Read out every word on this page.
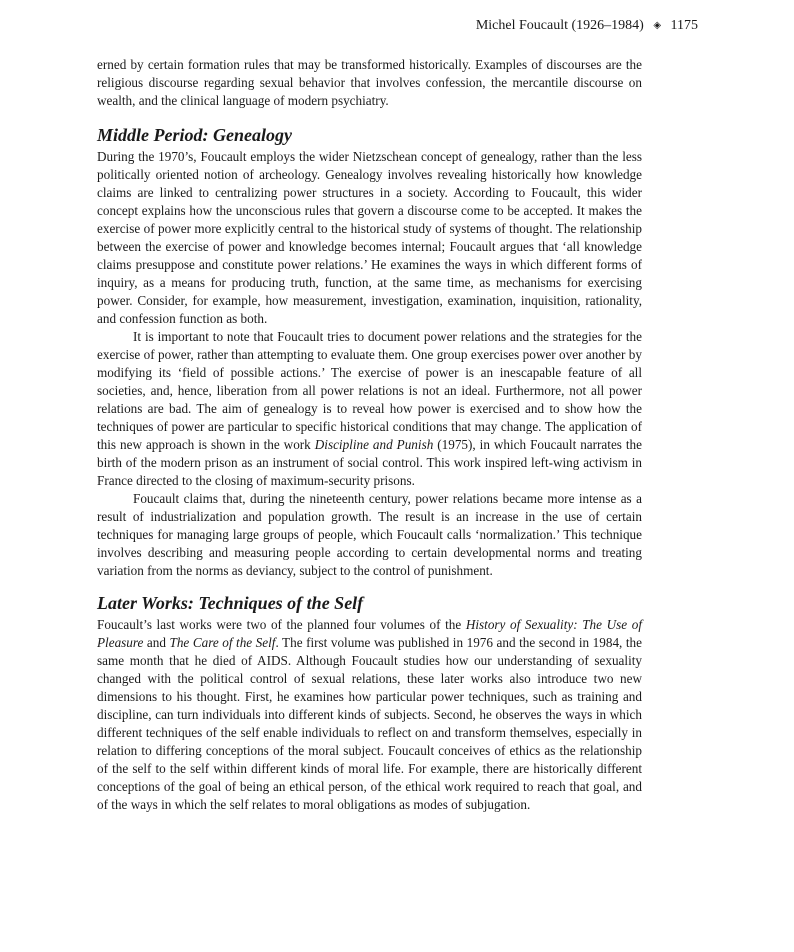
Michel Foucault (1926–1984) ◈ 1175

erned by certain formation rules that may be transformed historically. Examples of discourses are the religious discourse regarding sexual behavior that involves confession, the mercantile discourse on wealth, and the clinical language of modern psychiatry.

Middle Period: Genealogy

During the 1970’s, Foucault employs the wider Nietzschean concept of genealogy, rather than the less politically oriented notion of archeology. Genealogy involves revealing historically how knowledge claims are linked to centralizing power structures in a society. According to Foucault, this wider concept explains how the unconscious rules that govern a discourse come to be accepted. It makes the exercise of power more explicitly central to the historical study of systems of thought. The relationship between the exercise of power and knowledge becomes internal; Foucault argues that ‘all knowledge claims presuppose and constitute power relations.’ He examines the ways in which different forms of inquiry, as a means for producing truth, function, at the same time, as mechanisms for exercising power. Consider, for example, how measurement, investigation, examination, inquisition, rationality, and confession function as both.

It is important to note that Foucault tries to document power relations and the strategies for the exercise of power, rather than attempting to evaluate them. One group exercises power over another by modifying its ‘field of possible actions.’ The exercise of power is an inescapable feature of all societies, and, hence, liberation from all power relations is not an ideal. Furthermore, not all power relations are bad. The aim of genealogy is to reveal how power is exercised and to show how the techniques of power are particular to specific historical conditions that may change. The application of this new approach is shown in the work Discipline and Punish (1975), in which Foucault narrates the birth of the modern prison as an instrument of social control. This work inspired left-wing activism in France directed to the closing of maximum-security prisons.

Foucault claims that, during the nineteenth century, power relations became more intense as a result of industrialization and population growth. The result is an increase in the use of certain techniques for managing large groups of people, which Foucault calls ‘normalization.’ This technique involves describing and measuring people according to certain developmental norms and treating variation from the norms as deviancy, subject to the control of punishment.

Later Works: Techniques of the Self

Foucault’s last works were two of the planned four volumes of the History of Sexuality: The Use of Pleasure and The Care of the Self. The first volume was published in 1976 and the second in 1984, the same month that he died of AIDS. Although Foucault studies how our understanding of sexuality changed with the political control of sexual relations, these later works also introduce two new dimensions to his thought. First, he examines how particular power techniques, such as training and discipline, can turn individuals into different kinds of subjects. Second, he observes the ways in which different techniques of the self enable individuals to reflect on and transform themselves, especially in relation to differing conceptions of the moral subject. Foucault conceives of ethics as the relationship of the self to the self within different kinds of moral life. For example, there are historically different conceptions of the goal of being an ethical person, of the ethical work required to reach that goal, and of the ways in which the self relates to moral obligations as modes of subjugation.
